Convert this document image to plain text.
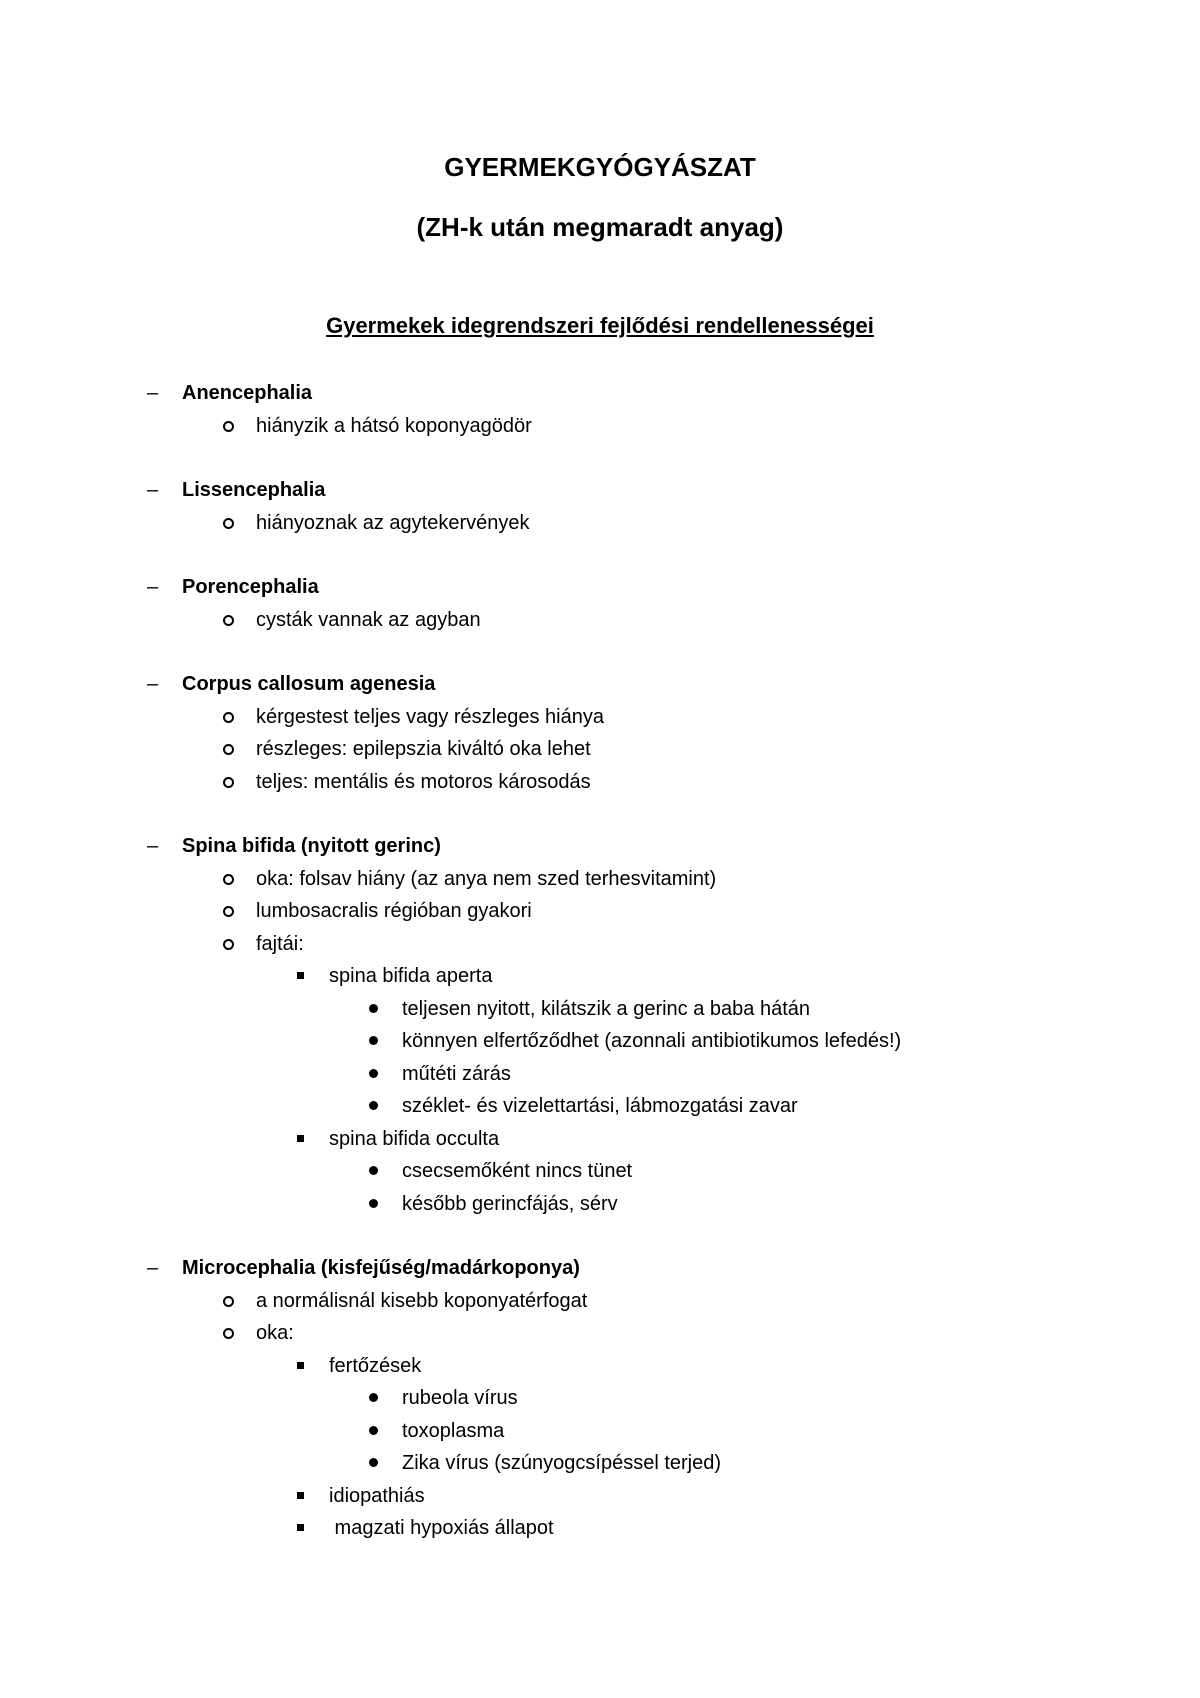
GYERMEKGYÓGYÁSZAT
(ZH-k után megmaradt anyag)
Gyermekek idegrendszeri fejlődési rendellenességei
– Anencephalia
hiányzik a hátsó koponyagödör
– Lissencephalia
hiányoznak az agytekervények
– Porencephalia
cysták vannak az agyban
– Corpus callosum agenesia
kérgestest teljes vagy részleges hiánya
részleges: epilepszia kiváltó oka lehet
teljes: mentális és motoros károsodás
– Spina bifida (nyitott gerinc)
oka: folsav hiány (az anya nem szed terhesvitamint)
lumbosacralis régióban gyakori
fajtái:
spina bifida aperta
teljesen nyitott, kilátszik a gerinc a baba hátán
könnyen elfertőződhet (azonnali antibiotikumos lefedés!)
műtéti zárás
széklet- és vizelettartási, lábmozgatási zavar
spina bifida occulta
csecsemőként nincs tünet
később gerincfájás, sérv
– Microcephalia (kisfejűség/madárkoponya)
a normálisnál kisebb koponyatérfogat
oka:
fertőzések
rubeola vírus
toxoplasma
Zika vírus (szúnyogcsípéssel terjed)
idiopathiás
magzati hypoxiás állapot
